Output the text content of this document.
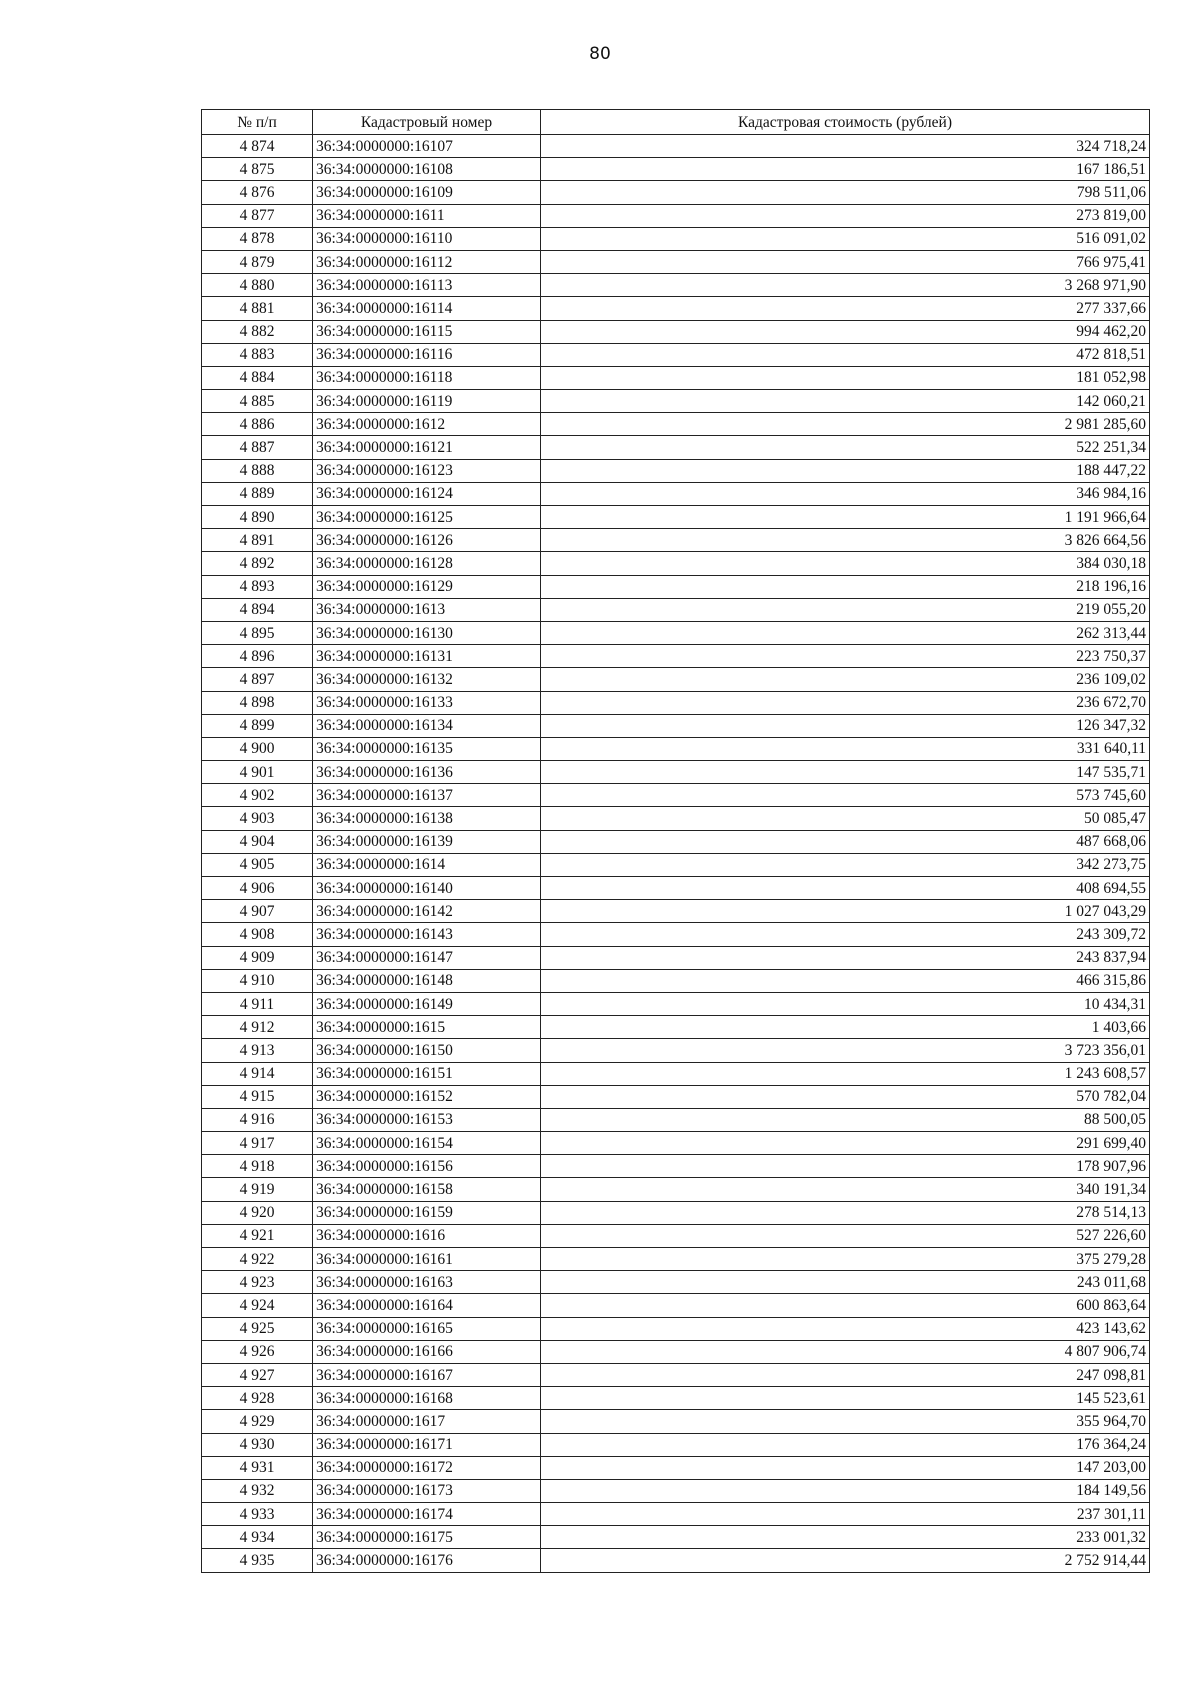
80
№ п/п	Кадастровый номер	Кадастровая стоимость (рублей)
4 874	36:34:0000000:16107	324 718,24
4 875	36:34:0000000:16108	167 186,51
4 876	36:34:0000000:16109	798 511,06
4 877	36:34:0000000:1611	273 819,00
4 878	36:34:0000000:16110	516 091,02
4 879	36:34:0000000:16112	766 975,41
4 880	36:34:0000000:16113	3 268 971,90
4 881	36:34:0000000:16114	277 337,66
4 882	36:34:0000000:16115	994 462,20
4 883	36:34:0000000:16116	472 818,51
4 884	36:34:0000000:16118	181 052,98
4 885	36:34:0000000:16119	142 060,21
4 886	36:34:0000000:1612	2 981 285,60
4 887	36:34:0000000:16121	522 251,34
4 888	36:34:0000000:16123	188 447,22
4 889	36:34:0000000:16124	346 984,16
4 890	36:34:0000000:16125	1 191 966,64
4 891	36:34:0000000:16126	3 826 664,56
4 892	36:34:0000000:16128	384 030,18
4 893	36:34:0000000:16129	218 196,16
4 894	36:34:0000000:1613	219 055,20
4 895	36:34:0000000:16130	262 313,44
4 896	36:34:0000000:16131	223 750,37
4 897	36:34:0000000:16132	236 109,02
4 898	36:34:0000000:16133	236 672,70
4 899	36:34:0000000:16134	126 347,32
4 900	36:34:0000000:16135	331 640,11
4 901	36:34:0000000:16136	147 535,71
4 902	36:34:0000000:16137	573 745,60
4 903	36:34:0000000:16138	50 085,47
4 904	36:34:0000000:16139	487 668,06
4 905	36:34:0000000:1614	342 273,75
4 906	36:34:0000000:16140	408 694,55
4 907	36:34:0000000:16142	1 027 043,29
4 908	36:34:0000000:16143	243 309,72
4 909	36:34:0000000:16147	243 837,94
4 910	36:34:0000000:16148	466 315,86
4 911	36:34:0000000:16149	10 434,31
4 912	36:34:0000000:1615	1 403,66
4 913	36:34:0000000:16150	3 723 356,01
4 914	36:34:0000000:16151	1 243 608,57
4 915	36:34:0000000:16152	570 782,04
4 916	36:34:0000000:16153	88 500,05
4 917	36:34:0000000:16154	291 699,40
4 918	36:34:0000000:16156	178 907,96
4 919	36:34:0000000:16158	340 191,34
4 920	36:34:0000000:16159	278 514,13
4 921	36:34:0000000:1616	527 226,60
4 922	36:34:0000000:16161	375 279,28
4 923	36:34:0000000:16163	243 011,68
4 924	36:34:0000000:16164	600 863,64
4 925	36:34:0000000:16165	423 143,62
4 926	36:34:0000000:16166	4 807 906,74
4 927	36:34:0000000:16167	247 098,81
4 928	36:34:0000000:16168	145 523,61
4 929	36:34:0000000:1617	355 964,70
4 930	36:34:0000000:16171	176 364,24
4 931	36:34:0000000:16172	147 203,00
4 932	36:34:0000000:16173	184 149,56
4 933	36:34:0000000:16174	237 301,11
4 934	36:34:0000000:16175	233 001,32
4 935	36:34:0000000:16176	2 752 914,44
